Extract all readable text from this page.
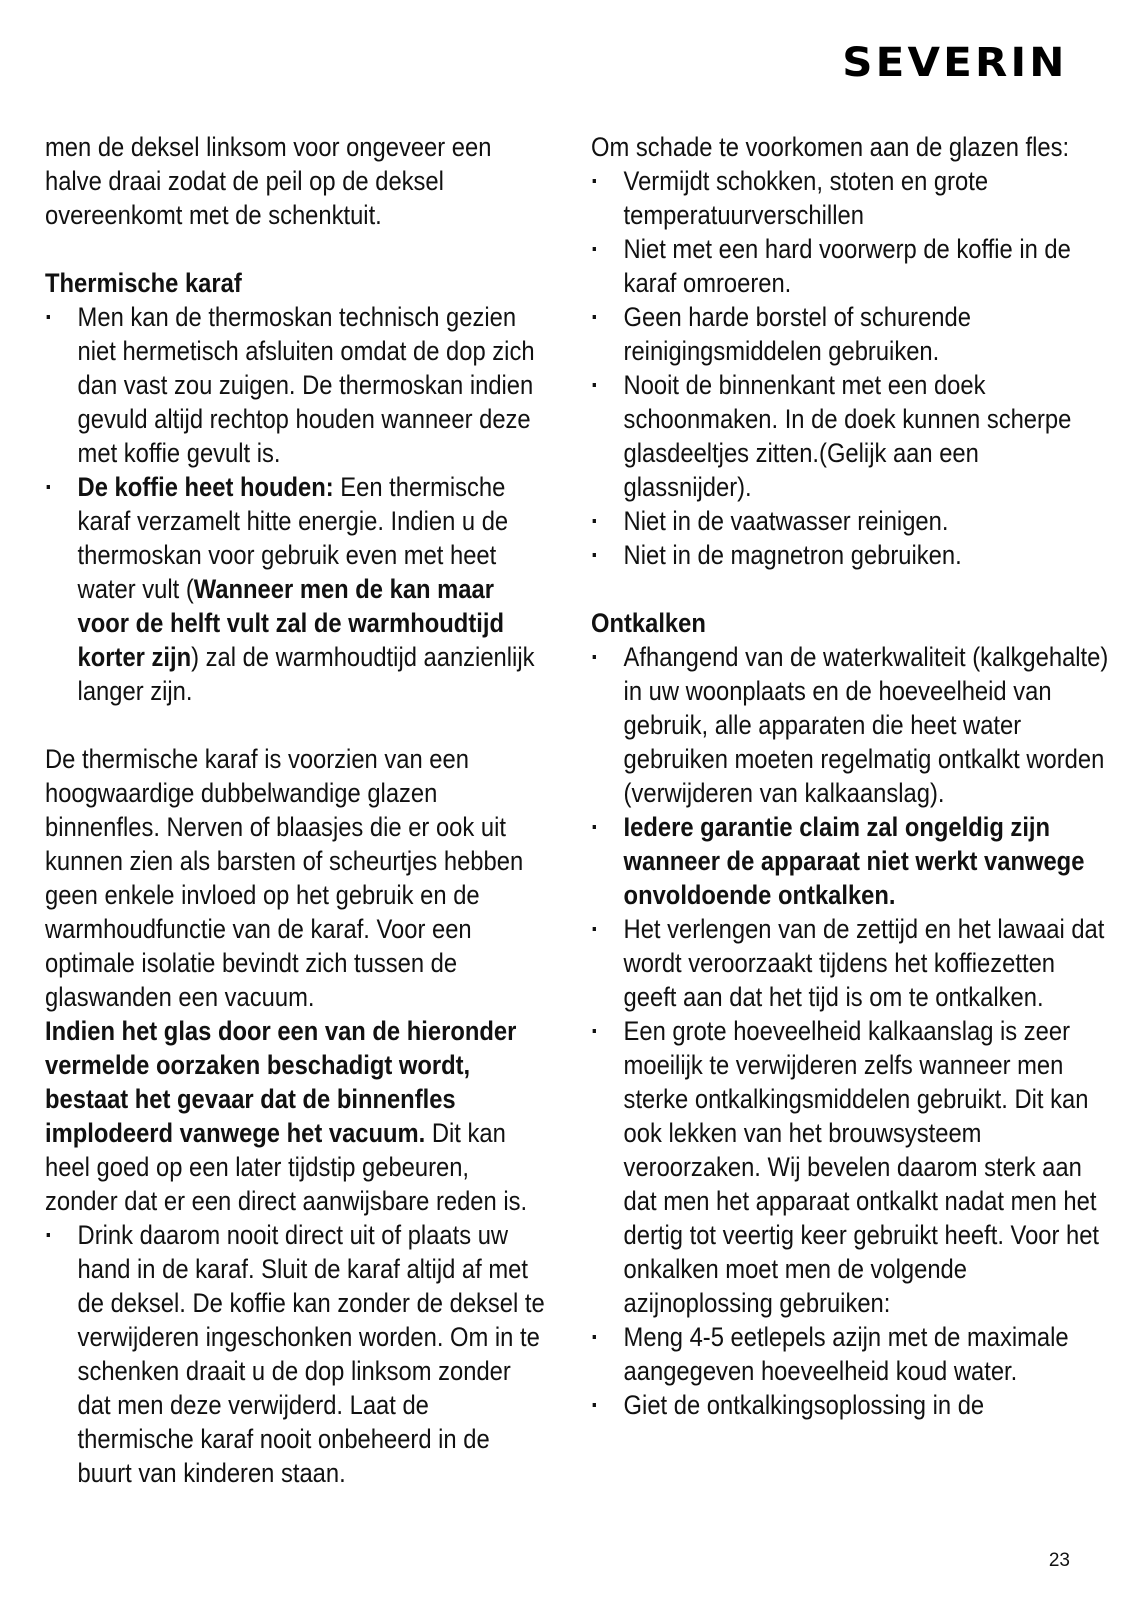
SEVERIN

men de deksel linksom voor ongeveer een halve draai zodat de peil op de deksel overeenkomt met de schenktuit.

Thermische karaf

· Men kan de thermoskan technisch gezien niet hermetisch afsluiten omdat de dop zich dan vast zou zuigen. De thermoskan indien gevuld altijd rechtop houden wanneer deze met koffie gevult is.
· De koffie heet houden: Een thermische karaf verzamelt hitte energie. Indien u de thermoskan voor gebruik even met heet water vult (Wanneer men de kan maar voor de helft vult zal de warmhoudtijd korter zijn) zal de warmhoudtijd aanzienlijk langer zijn.

De thermische karaf is voorzien van een hoogwaardige dubbelwandige glazen binnenfles. Nerven of blaasjes die er ook uit kunnen zien als barsten of scheurtjes hebben geen enkele invloed op het gebruik en de warmhoudfunctie van de karaf. Voor een optimale isolatie bevindt zich tussen de glaswanden een vacuum.

Indien het glas door een van de hieronder vermelde oorzaken beschadigt wordt, bestaat het gevaar dat de binnenfles implodeerd vanwege het vacuum. Dit kan heel goed op een later tijdstip gebeuren, zonder dat er een direct aanwijsbare reden is.

· Drink daarom nooit direct uit of plaats uw hand in de karaf. Sluit de karaf altijd af met de deksel. De koffie kan zonder de deksel te verwijderen ingeschonken worden. Om in te schenken draait u de dop linksom zonder dat men deze verwijderd. Laat de thermische karaf nooit onbeheerd in de buurt van kinderen staan.

Om schade te voorkomen aan de glazen fles:

· Vermijdt schokken, stoten en grote temperatuurverschillen
· Niet met een hard voorwerp de koffie in de karaf omroeren.
· Geen harde borstel of schurende reinigingsmiddelen gebruiken.
· Nooit de binnenkant met een doek schoonmaken. In de doek kunnen scherpe glasdeeltjes zitten.(Gelijk aan een glassnijder).
· Niet in de vaatwasser reinigen.
· Niet in de magnetron gebruiken.

Ontkalken

· Afhangend van de waterkwaliteit (kalkgehalte) in uw woonplaats en de hoeveelheid van gebruik, alle apparaten die heet water gebruiken moeten regelmatig ontkalkt worden (verwijderen van kalkaanslag).
· Iedere garantie claim zal ongeldig zijn wanneer de apparaat niet werkt vanwege onvoldoende ontkalken.
· Het verlengen van de zettijd en het lawaai dat wordt veroorzaakt tijdens het koffiezetten geeft aan dat het tijd is om te ontkalken.
· Een grote hoeveelheid kalkaanslag is zeer moeilijk te verwijderen zelfs wanneer men sterke ontkalkingsmiddelen gebruikt. Dit kan ook lekken van het brouwsysteem veroorzaken. Wij bevelen daarom sterk aan dat men het apparaat ontkalkt nadat men het dertig tot veertig keer gebruikt heeft. Voor het onkalken moet men de volgende azijnoplossing gebruiken:
· Meng 4-5 eetlepels azijn met de maximale aangegeven hoeveelheid koud water.
· Giet de ontkalkingsoplossing in de
23
